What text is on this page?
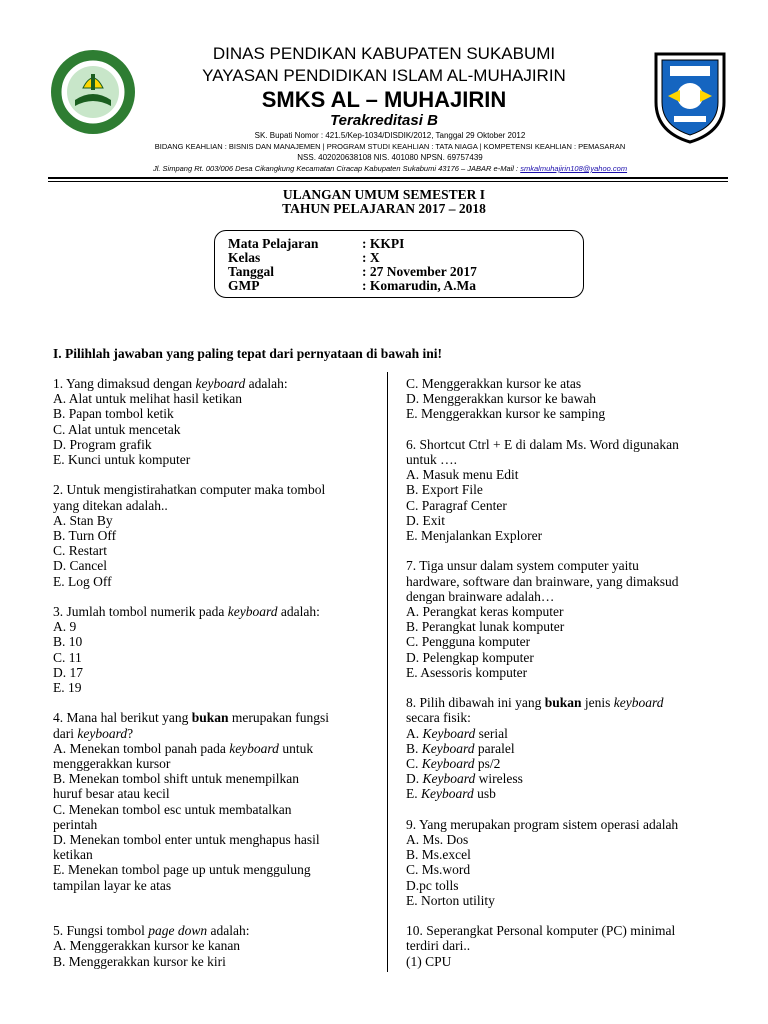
DINAS PENDIKAN KABUPATEN SUKABUMI
YAYASAN PENDIDIKAN ISLAM AL-MUHAJIRIN
SMKS AL – MUHAJIRIN
Terakreditasi B
SK. Bupati Nomor : 421.5/Kep-1034/DISDIK/2012, Tanggal 29 Oktober 2012
BIDANG KEAHLIAN : BISNIS DAN MANAJEMEN | PROGRAM STUDI KEAHLIAN : TATA NIAGA | KOMPETENSI KEAHLIAN : PEMASARAN
NSS. 402020638108 NIS. 401080 NPSN. 69757439
Jl. Simpang Rt. 003/006 Desa Cikangkung Kecamatan Ciracap Kabupaten Sukabumi 43176 – JABAR e-Mail : smkalmuhajirin108@yahoo.com
ULANGAN UMUM SEMESTER I
TAHUN PELAJARAN 2017 – 2018
Mata Pelajaran
Kelas
Tanggal
GMP
: KKPI
: X
: 27 November 2017
: Komarudin, A.Ma
I. Pilihlah jawaban yang paling tepat dari pernyataan di bawah ini!

1. Yang dimaksud dengan keyboard adalah:

A. Alat untuk melihat hasil ketikan

B. Papan tombol ketik

C. Alat untuk mencetak

D. Program grafik

E. Kunci untuk komputer

2. Untuk mengistirahatkan computer maka tombol

yang ditekan adalah..

A. Stan By

B. Turn Off

C. Restart

D. Cancel

E. Log Off

3. Jumlah tombol numerik pada keyboard adalah:

A. 9

B. 10

C. 11

D. 17

E. 19

4. Mana hal berikut yang bukan merupakan fungsi

dari keyboard?

A. Menekan tombol panah pada keyboard untuk

menggerakkan kursor

B. Menekan tombol shift untuk menempilkan

huruf besar atau kecil

C. Menekan tombol esc untuk membatalkan

perintah

D. Menekan tombol enter untuk menghapus hasil

ketikan

E. Menekan tombol page up untuk menggulung

tampilan layar ke atas

5. Fungsi tombol page down adalah:

A. Menggerakkan kursor ke kanan

B. Menggerakkan kursor ke kiri

C. Menggerakkan kursor ke atas

D. Menggerakkan kursor ke bawah

E. Menggerakkan kursor ke samping

6. Shortcut Ctrl + E di dalam Ms. Word digunakan

untuk ….

A. Masuk menu Edit

B. Export File

C. Paragraf Center

D. Exit

E. Menjalankan Explorer

7. Tiga unsur dalam system computer yaitu

hardware, software dan brainware, yang dimaksud

dengan brainware adalah…

A. Perangkat keras komputer

B. Perangkat lunak komputer

C. Pengguna komputer

D. Pelengkap komputer

E. Asessoris komputer

8. Pilih dibawah ini yang bukan jenis keyboard

secara fisik:

A. Keyboard serial

B. Keyboard paralel

C. Keyboard ps/2

D. Keyboard wireless

E. Keyboard usb

9. Yang merupakan program sistem operasi adalah

A. Ms. Dos

B. Ms.excel

C. Ms.word

D.pc tolls

E. Norton utility

10. Seperangkat Personal komputer (PC) minimal

terdiri dari..

(1) CPU
